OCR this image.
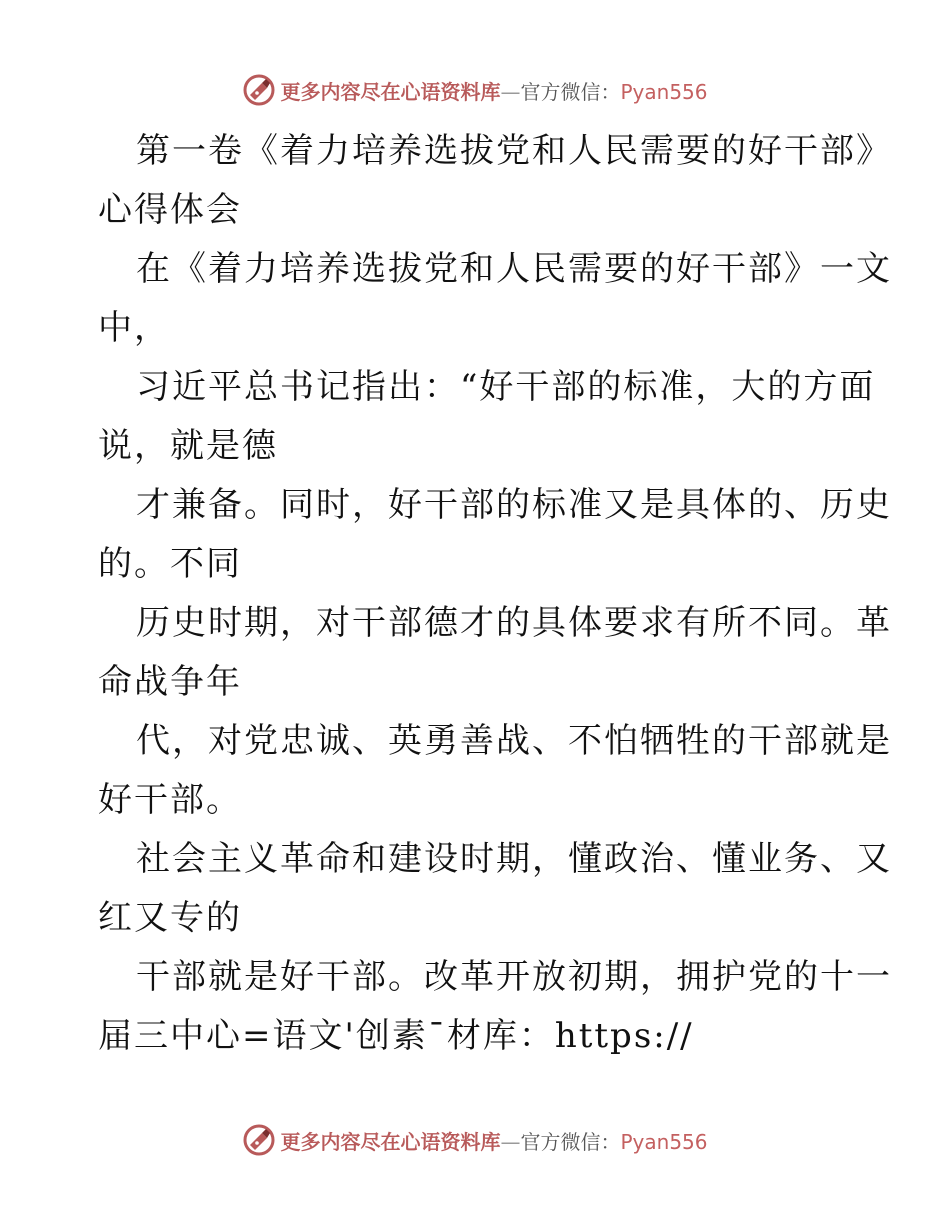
更多内容尽在心语资料库—官方微信：Pyan556
第一卷《着力培养选拔党和人民需要的好干部》
心得体会
在《着力培养选拔党和人民需要的好干部》一文
中，
习近平总书记指出：“好干部的标准，大的方面
说，就是德
才兼备。同时，好干部的标准又是具体的、历史
的。不同
历史时期，对干部德才的具体要求有所不同。革
命战争年
代，对党忠诚、英勇善战、不怕牺牲的干部就是
好干部。
社会主义革命和建设时期，懂政治、懂业务、又
红又专的
干部就是好干部。改革开放初期，拥护党的十一
届三中心=语文'创素¯材库：https://
更多内容尽在心语资料库—官方微信：Pyan556
